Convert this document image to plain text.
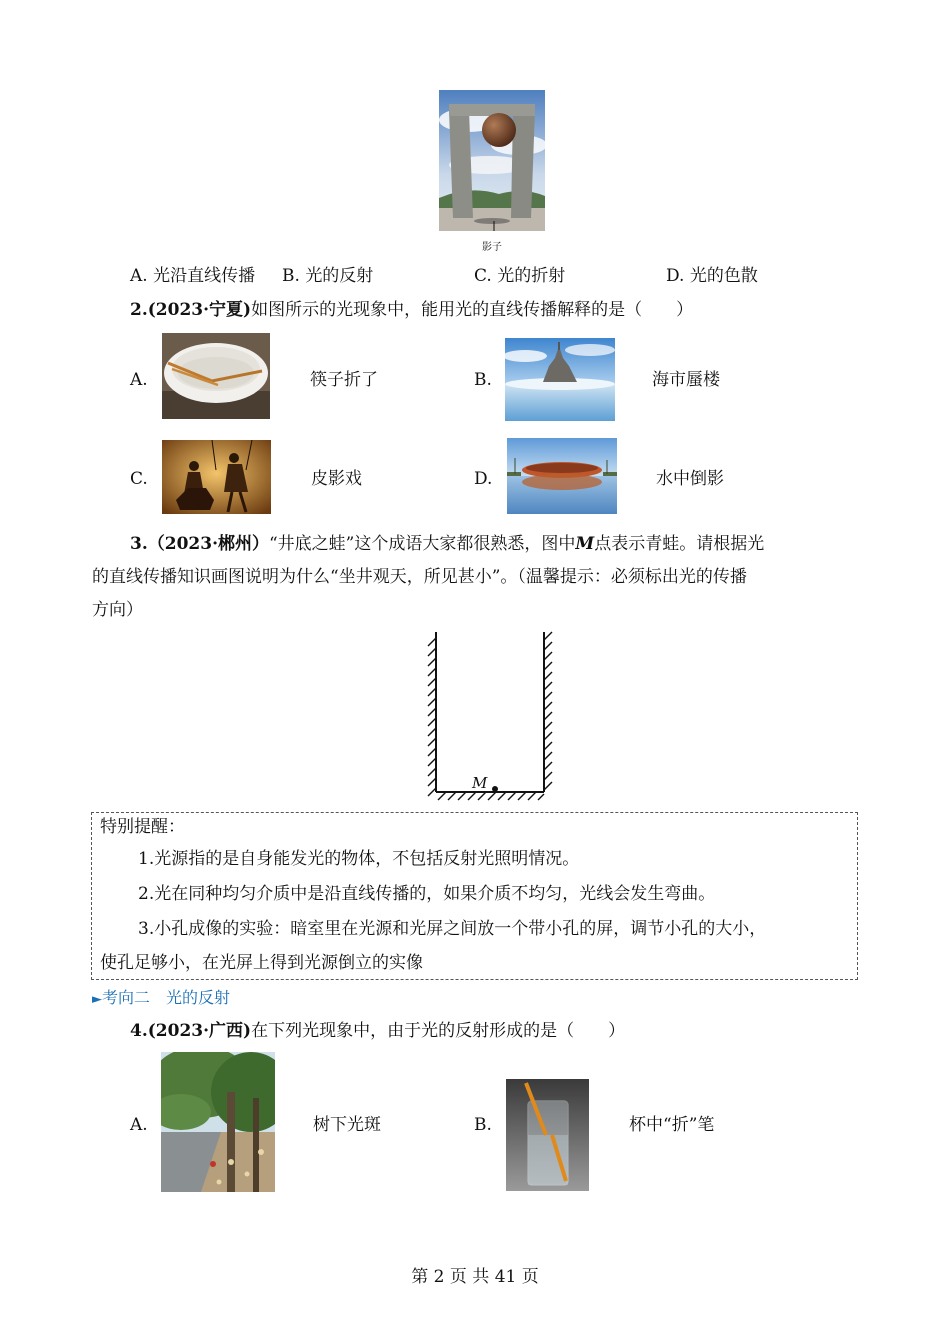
影子
A. 光沿直线传播 B. 光的反射	C. 光的折射	D. 光的色散
2.(2023·宁夏)如图所示的光现象中，能用光的直线传播解释的是（　　）
A.	筷子折了	B.	海市蜃楼
C.	皮影戏	D.	水中倒影
3.（2023·郴州）“井底之蛙”这个成语大家都很熟悉，图中M点表示青蛙。请根据光
的直线传播知识画图说明为什么“坐井观天，所见甚小”。（温馨提示：必须标出光的传播
方向）
M
特别提醒：
1.光源指的是自身能发光的物体，不包括反射光照明情况。
2.光在同种均匀介质中是沿直线传播的，如果介质不均匀，光线会发生弯曲。
3.小孔成像的实验：暗室里在光源和光屏之间放一个带小孔的屏，调节小孔的大小，
使孔足够小，在光屏上得到光源倒立的实像
►考向二　光的反射
4.(2023·广西)在下列光现象中，由于光的反射形成的是（　　）
A.	树下光斑	B.	杯中“折”笔
第 2 页 共 41 页
